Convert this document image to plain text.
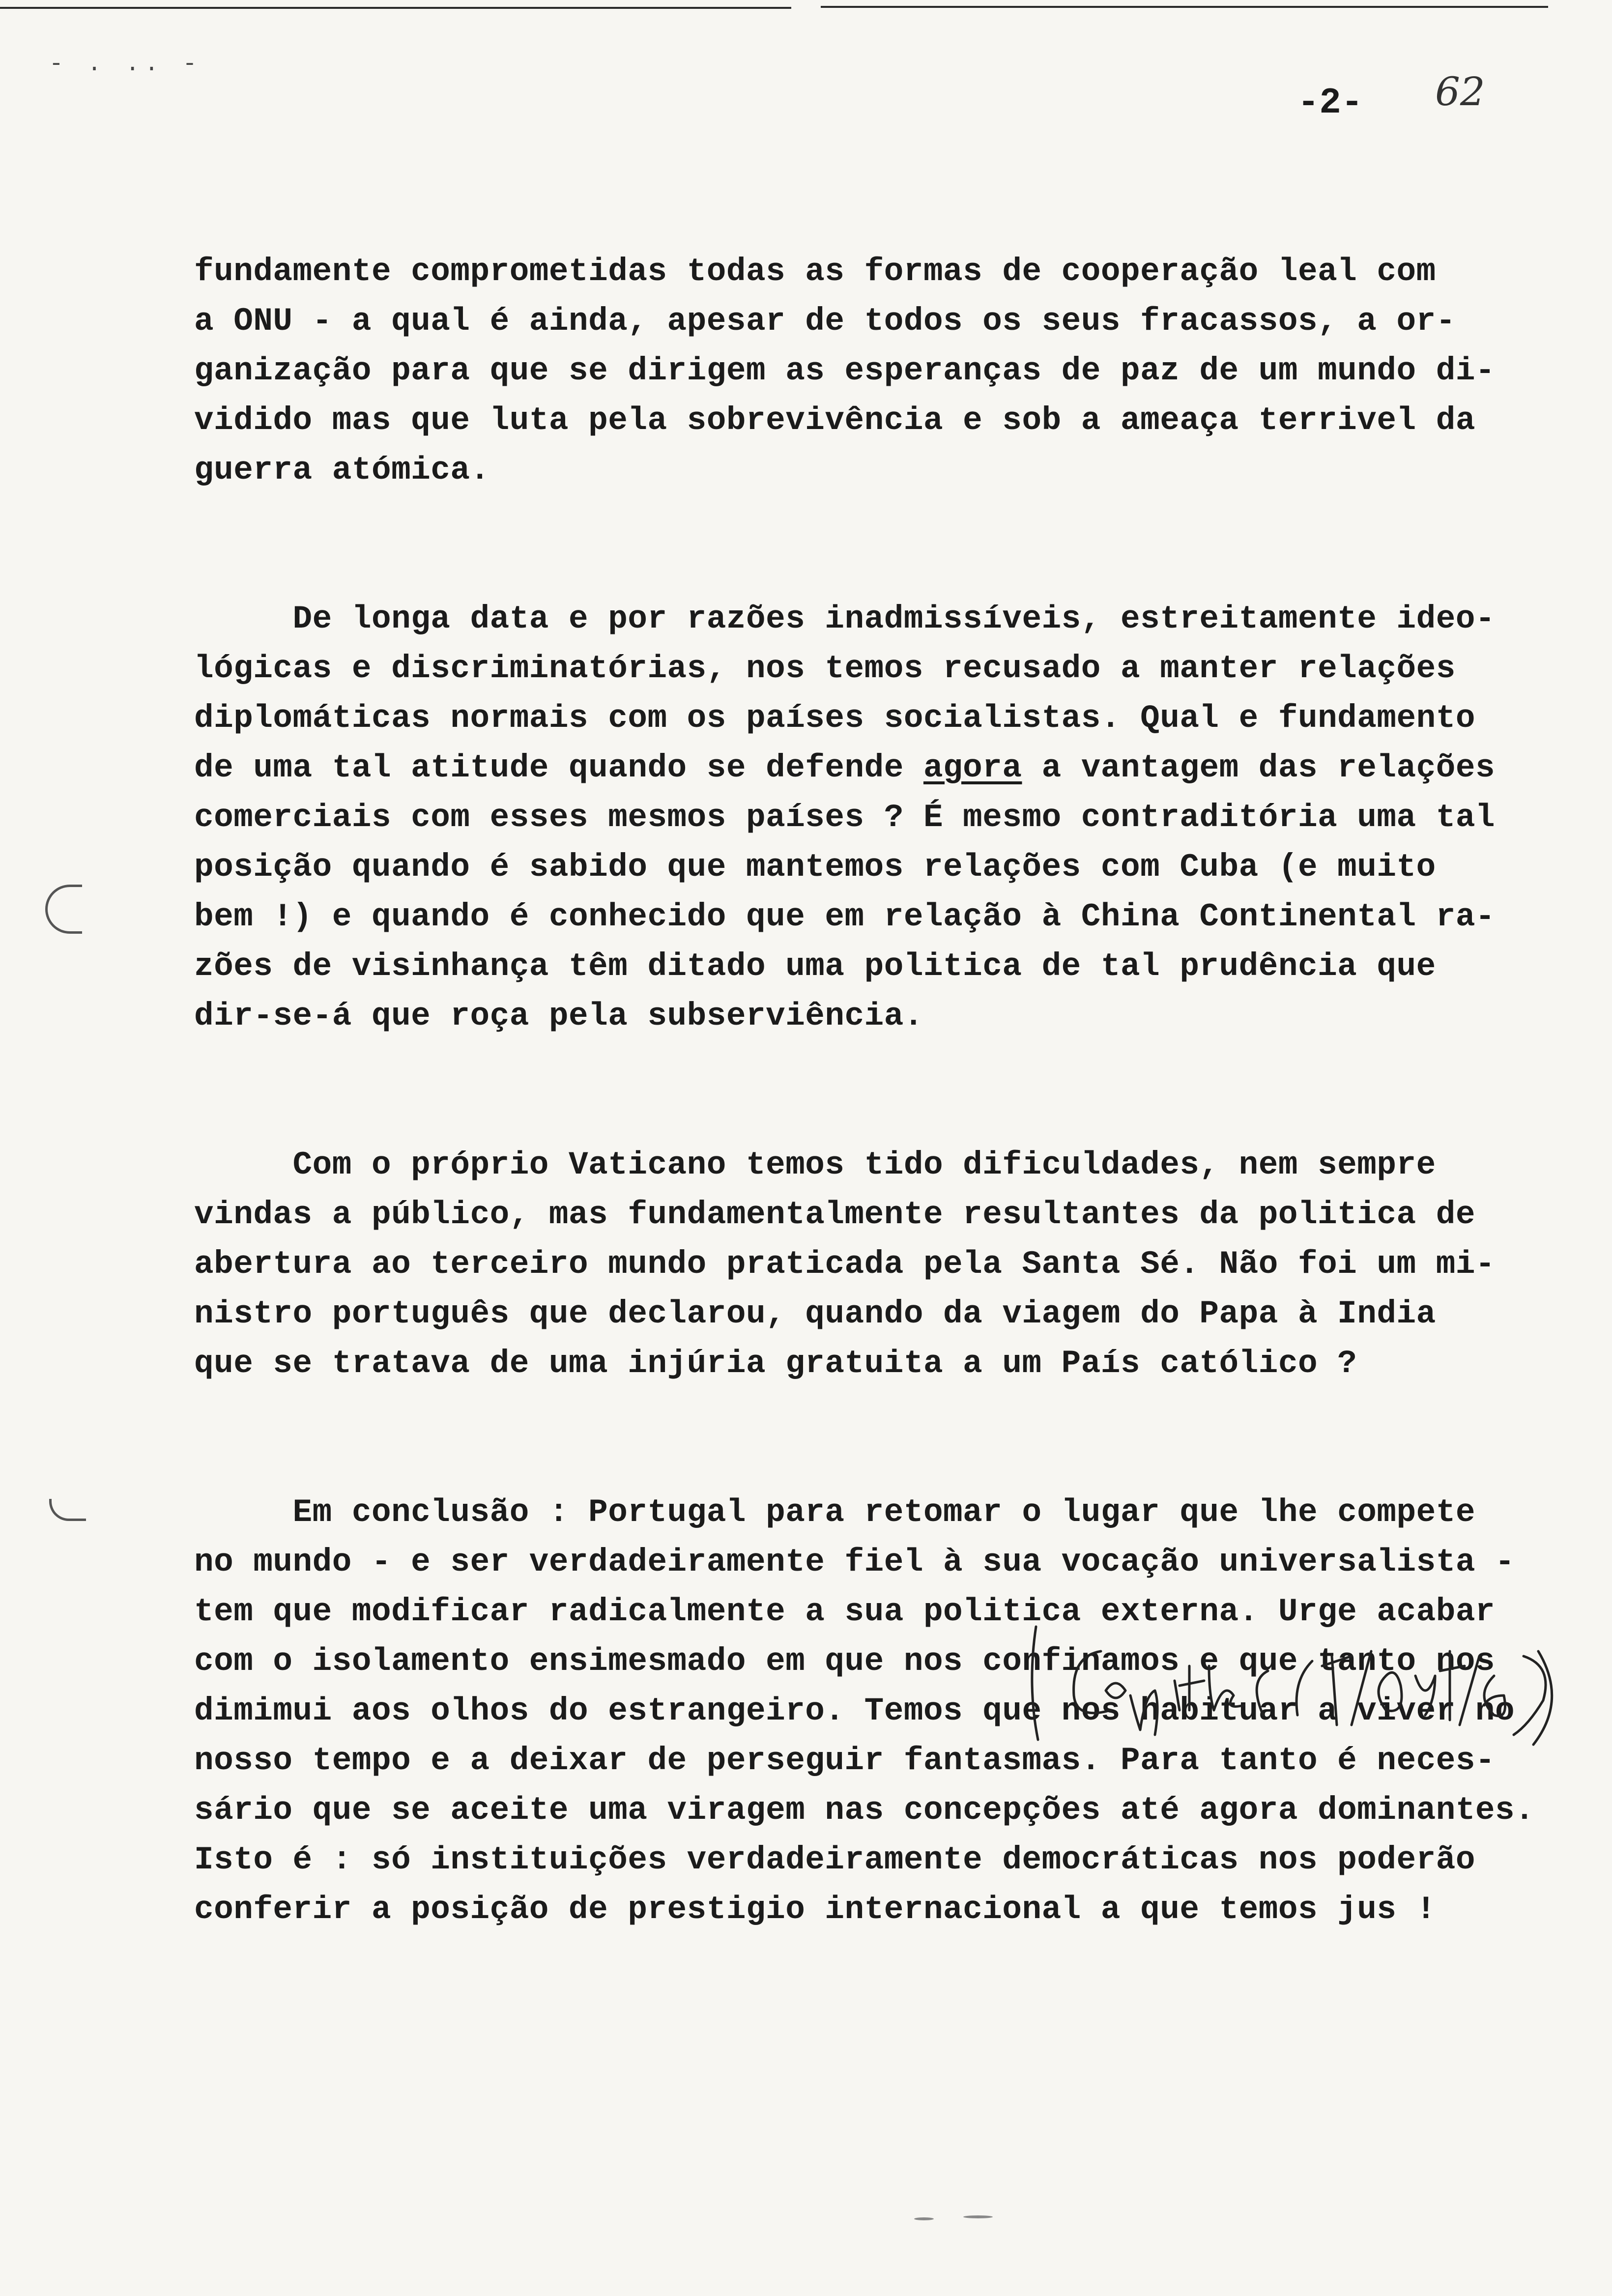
- . .. -
-2- 62

fundamente comprometidas todas as formas de cooperação leal com
a ONU - a qual é ainda, apesar de todos os seus fracassos, a or-
ganização para que se dirigem as esperanças de paz de um mundo di-
vidido mas que luta pela sobrevivência e sob a ameaça terrivel da
guerra atómica.

De longa data e por razões inadmissíveis, estreitamente ideo-
lógicas e discriminatórias, nos temos recusado a manter relações
diplomáticas normais com os países socialistas. Qual e fundamento
de uma tal atitude quando se defende agora a vantagem das relações
comerciais com esses mesmos países ? É mesmo contraditória uma tal
posição quando é sabido que mantemos relações com Cuba (e muito
bem !) e quando é conhecido que em relação à China Continental ra-
zões de visinhança têm ditado uma politica de tal prudência que
dir-se-á que roça pela subserviência.

Com o próprio Vaticano temos tido dificuldades, nem sempre
vindas a público, mas fundamentalmente resultantes da politica de
abertura ao terceiro mundo praticada pela Santa Sé. Não foi um mi-
nistro português que declarou, quando da viagem do Papa à India
que se tratava de uma injúria gratuita a um País católico ?

Em conclusão : Portugal para retomar o lugar que lhe compete
no mundo - e ser verdadeiramente fiel à sua vocação universalista -
tem que modificar radicalmente a sua politica externa. Urge acabar
com o isolamento ensimesmado em que nos confinamos e que tanto nos
dimimui aos olhos do estrangeiro. Temos que nos habituar a viver no
nosso tempo e a deixar de perseguir fantasmas. Para tanto é neces-
sário que se aceite uma viragem nas concepções até agora dominantes.
Isto é : só instituições verdadeiramente democráticas nos poderão
conferir a posição de prestigio internacional a que temos jus !
